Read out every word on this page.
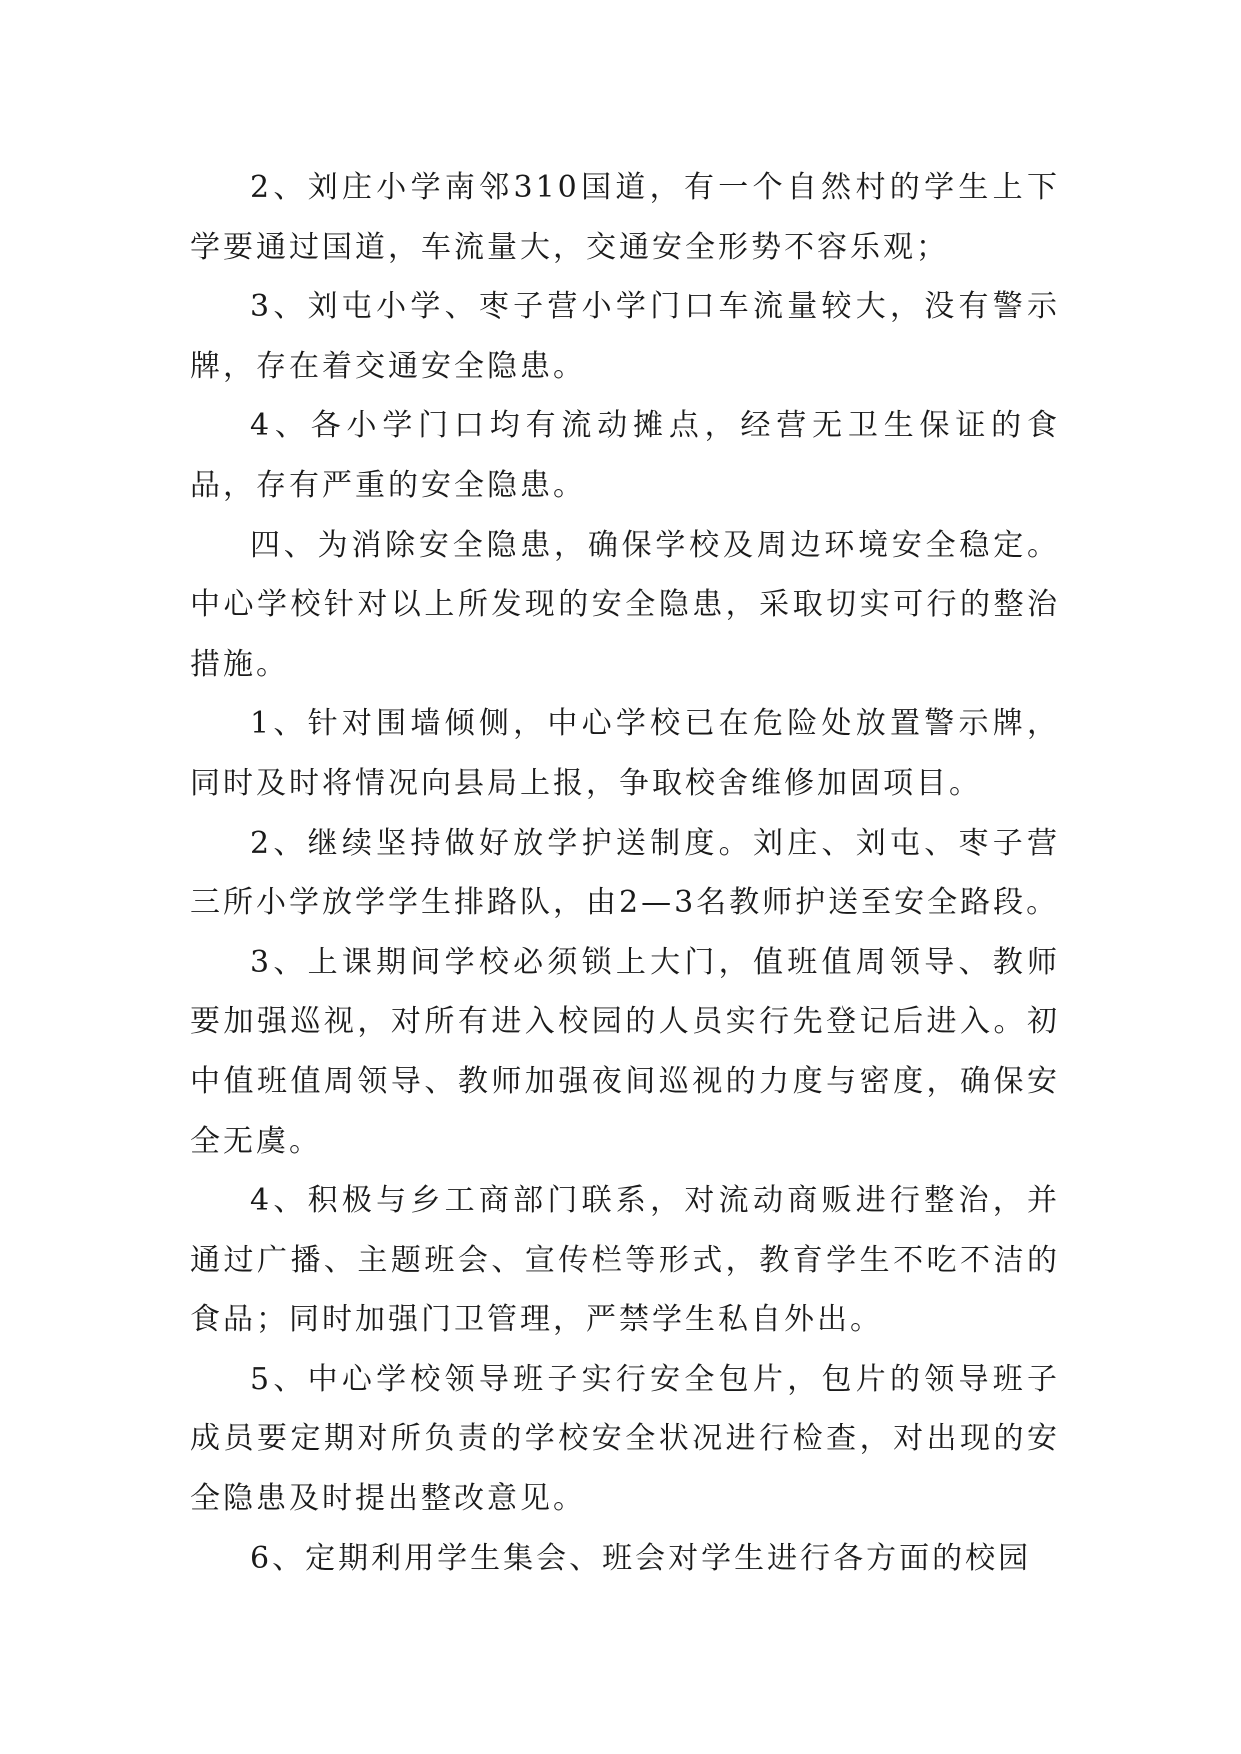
2、刘庄小学南邻310国道，有一个自然村的学生上下学要通过国道，车流量大，交通安全形势不容乐观；

3、刘屯小学、枣子营小学门口车流量较大，没有警示牌，存在着交通安全隐患。

4、各小学门口均有流动摊点，经营无卫生保证的食品，存有严重的安全隐患。

四、为消除安全隐患，确保学校及周边环境安全稳定。中心学校针对以上所发现的安全隐患，采取切实可行的整治措施。

1、针对围墙倾侧，中心学校已在危险处放置警示牌，同时及时将情况向县局上报，争取校舍维修加固项目。

2、继续坚持做好放学护送制度。刘庄、刘屯、枣子营三所小学放学学生排路队，由2—3名教师护送至安全路段。

3、上课期间学校必须锁上大门，值班值周领导、教师要加强巡视，对所有进入校园的人员实行先登记后进入。初中值班值周领导、教师加强夜间巡视的力度与密度，确保安全无虞。

4、积极与乡工商部门联系，对流动商贩进行整治，并通过广播、主题班会、宣传栏等形式，教育学生不吃不洁的食品；同时加强门卫管理，严禁学生私自外出。

5、中心学校领导班子实行安全包片，包片的领导班子成员要定期对所负责的学校安全状况进行检查，对出现的安全隐患及时提出整改意见。

6、定期利用学生集会、班会对学生进行各方面的校园
